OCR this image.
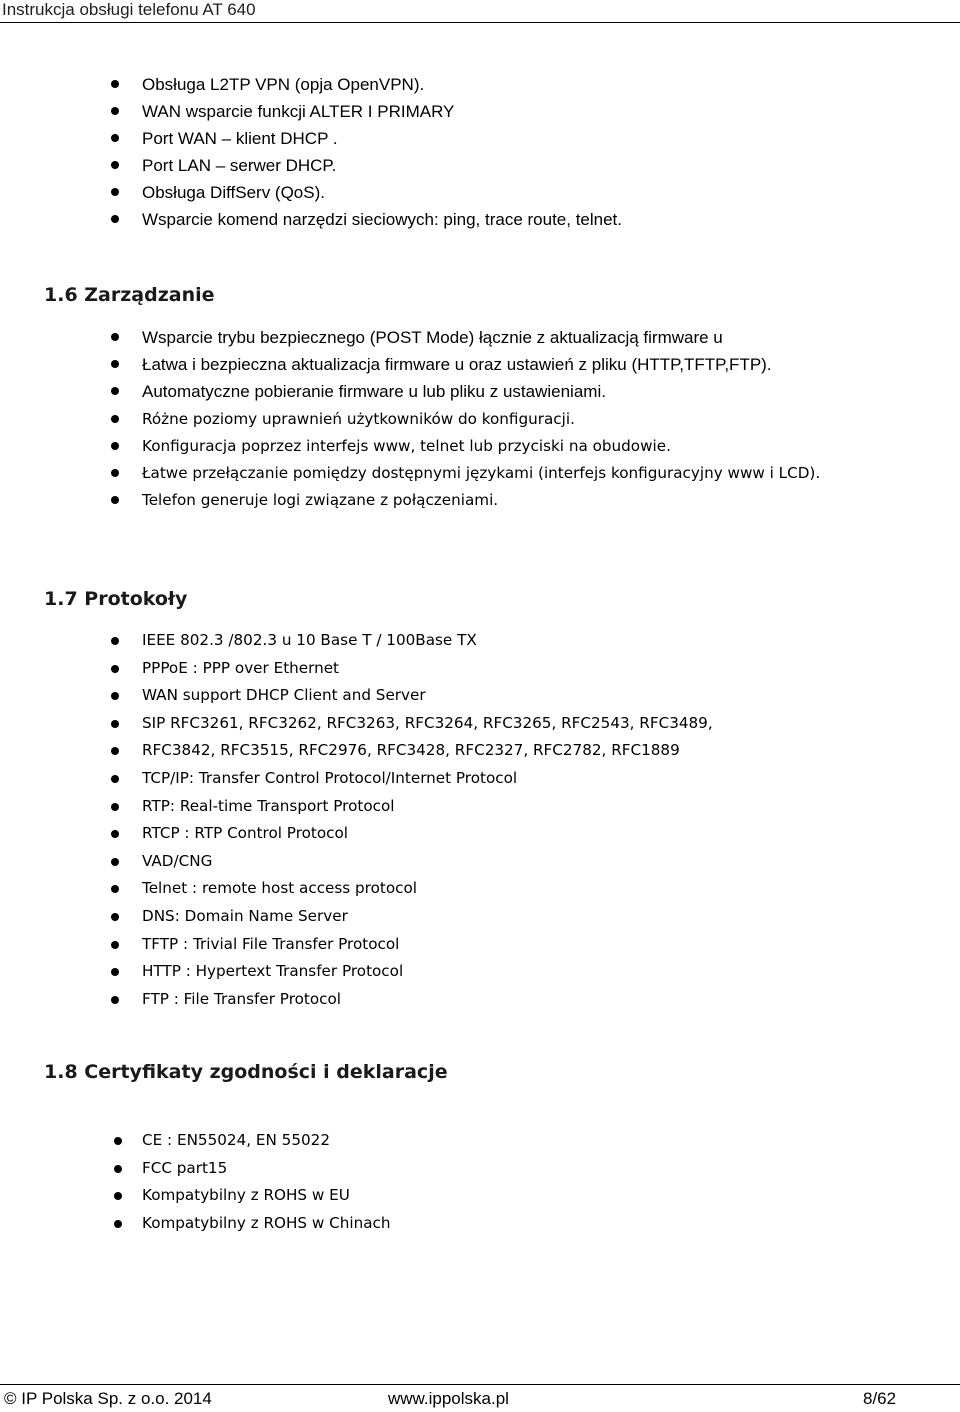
Instrukcja obsługi telefonu AT 640
Obsługa L2TP VPN (opja OpenVPN).
WAN wsparcie funkcji ALTER I PRIMARY
Port WAN – klient DHCP .
Port LAN – serwer DHCP.
Obsługa DiffServ (QoS).
Wsparcie komend narzędzi sieciowych: ping, trace route, telnet.
1.6 Zarządzanie
Wsparcie trybu bezpiecznego (POST Mode) łącznie z aktualizacją firmware u
Łatwa i bezpieczna aktualizacja firmware u oraz ustawień z pliku (HTTP,TFTP,FTP).
Automatyczne pobieranie firmware u lub pliku z ustawieniami.
Różne poziomy uprawnień użytkowników do konfiguracji.
Konfiguracja poprzez interfejs www, telnet lub przyciski na obudowie.
Łatwe przełączanie pomiędzy dostępnymi językami (interfejs konfiguracyjny www i LCD).
Telefon generuje logi związane z połączeniami.
1.7 Protokoły
IEEE 802.3 /802.3 u 10 Base T / 100Base TX
PPPoE : PPP over Ethernet
WAN support DHCP Client and Server
SIP RFC3261, RFC3262, RFC3263, RFC3264, RFC3265, RFC2543, RFC3489,
RFC3842, RFC3515, RFC2976, RFC3428, RFC2327, RFC2782, RFC1889
TCP/IP: Transfer Control Protocol/Internet Protocol
RTP: Real-time Transport Protocol
RTCP : RTP Control Protocol
VAD/CNG
Telnet : remote host access protocol
DNS: Domain Name Server
TFTP : Trivial File Transfer Protocol
HTTP : Hypertext Transfer Protocol
FTP : File Transfer Protocol
1.8 Certyfikaty zgodności i deklaracje
CE : EN55024, EN 55022
FCC part15
Kompatybilny z ROHS w EU
Kompatybilny z ROHS w Chinach
© IP Polska Sp. z o.o. 2014	www.ippolska.pl	8/62
